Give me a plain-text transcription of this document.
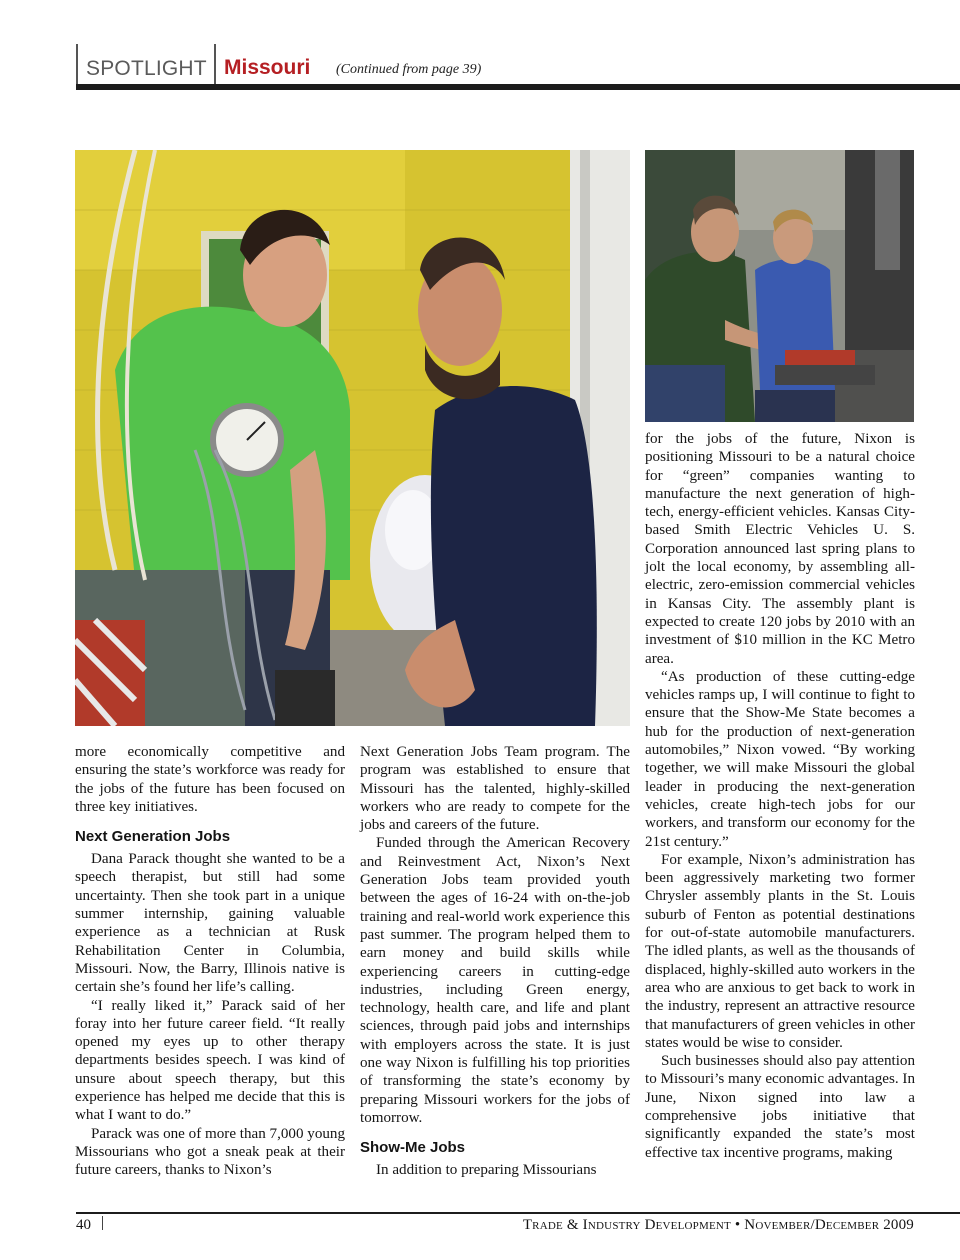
SPOTLIGHT Missouri (Continued from page 39)

more economically competitive and ensuring the state’s workforce was ready for the jobs of the future has been focused on three key initiatives.

Next Generation Jobs

Dana Parack thought she wanted to be a speech therapist, but still had some uncertainty. Then she took part in a unique summer internship, gaining valuable experience as a technician at Rusk Rehabilitation Center in Columbia, Missouri. Now, the Barry, Illinois native is certain she’s found her life’s calling.

“I really liked it,” Parack said of her foray into her future career field. “It really opened my eyes up to other therapy departments besides speech. I was kind of unsure about speech therapy, but this experience has helped me decide that this is what I want to do.”

Parack was one of more than 7,000 young Missourians who got a sneak peak at their future careers, thanks to Nixon’s

Next Generation Jobs Team program. The program was established to ensure that Missouri has the talented, highly-skilled workers who are ready to compete for the jobs and careers of the future.

Funded through the American Recovery and Reinvestment Act, Nixon’s Next Generation Jobs team provided youth between the ages of 16-24 with on-the-job training and real-world work experience this past summer. The program helped them to earn money and build skills while experiencing careers in cutting-edge industries, including Green energy, technology, health care, and life and plant sciences, through paid jobs and internships with employers across the state. It is just one way Nixon is fulfilling his top priorities of transforming the state’s economy by preparing Missouri workers for the jobs of tomorrow.

Show-Me Jobs

In addition to preparing Missourians

for the jobs of the future, Nixon is positioning Missouri to be a natural choice for “green” companies wanting to manufacture the next generation of high-tech, energy-efficient vehicles. Kansas City-based Smith Electric Vehicles U. S. Corporation announced last spring plans to jolt the local economy, by assembling all-electric, zero-emission commercial vehicles in Kansas City. The assembly plant is expected to create 120 jobs by 2010 with an investment of $10 million in the KC Metro area.

“As production of these cutting-edge vehicles ramps up, I will continue to fight to ensure that the Show-Me State becomes a hub for the production of next-generation automobiles,” Nixon vowed. “By working together, we will make Missouri the global leader in producing the next-generation vehicles, create high-tech jobs for our workers, and transform our economy for the 21st century.”

For example, Nixon’s administration has been aggressively marketing two former Chrysler assembly plants in the St. Louis suburb of Fenton as potential destinations for out-of-state automobile manufacturers. The idled plants, as well as the thousands of displaced, highly-skilled auto workers in the area who are anxious to get back to work in the industry, represent an attractive resource that manufacturers of green vehicles in other states would be wise to consider.

Such businesses should also pay attention to Missouri’s many economic advantages. In June, Nixon signed into law a comprehensive jobs initiative that significantly expanded the state’s most effective tax incentive programs, making

40	Trade & Industry Development • November/December 2009
